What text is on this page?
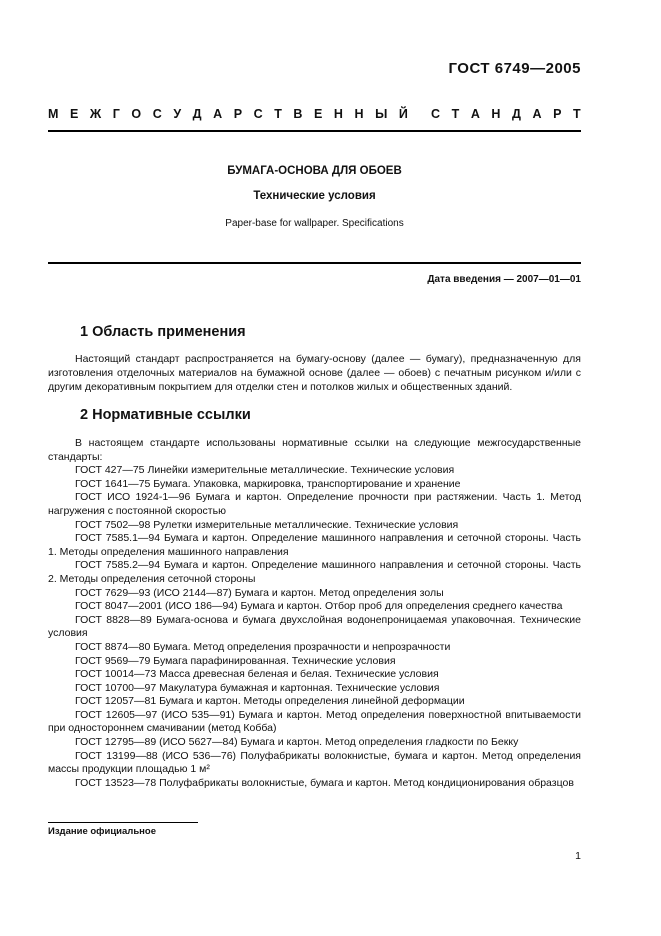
ГОСТ 6749—2005
М Е Ж Г О С У Д А Р С Т В Е Н Н Ы Й С Т А Н Д А Р Т
БУМАГА-ОСНОВА ДЛЯ ОБОЕВ
Технические условия
Paper-base for wallpaper. Specifications
Дата введения — 2007—01—01
1 Область применения

Настоящий стандарт распространяется на бумагу-основу (далее — бумагу), предназначенную для изготовления отделочных материалов на бумажной основе (далее — обоев) с печатным рисунком и/или с другим декоративным покрытием для отделки стен и потолков жилых и общественных зданий.

2 Нормативные ссылки

В настоящем стандарте использованы нормативные ссылки на следующие межгосударственные стандарты:

ГОСТ 427—75 Линейки измерительные металлические. Технические условия

ГОСТ 1641—75 Бумага. Упаковка, маркировка, транспортирование и хранение

ГОСТ ИСО 1924-1—96 Бумага и картон. Определение прочности при растяжении. Часть 1. Метод нагружения с постоянной скоростью

ГОСТ 7502—98 Рулетки измерительные металлические. Технические условия

ГОСТ 7585.1—94 Бумага и картон. Определение машинного направления и сеточной стороны. Часть 1. Методы определения машинного направления

ГОСТ 7585.2—94 Бумага и картон. Определение машинного направления и сеточной стороны. Часть 2. Методы определения сеточной стороны

ГОСТ 7629—93 (ИСО 2144—87) Бумага и картон. Метод определения золы

ГОСТ 8047—2001 (ИСО 186—94) Бумага и картон. Отбор проб для определения среднего качества

ГОСТ 8828—89 Бумага-основа и бумага двухслойная водонепроницаемая упаковочная. Технические условия

ГОСТ 8874—80 Бумага. Метод определения прозрачности и непрозрачности

ГОСТ 9569—79 Бумага парафинированная. Технические условия

ГОСТ 10014—73 Масса древесная беленая и белая. Технические условия

ГОСТ 10700—97 Макулатура бумажная и картонная. Технические условия

ГОСТ 12057—81 Бумага и картон. Методы определения линейной деформации

ГОСТ 12605—97 (ИСО 535—91) Бумага и картон. Метод определения поверхностной впитываемости при одностороннем смачивании (метод Кобба)

ГОСТ 12795—89 (ИСО 5627—84) Бумага и картон. Метод определения гладкости по Бекку

ГОСТ 13199—88 (ИСО 536—76) Полуфабрикаты волокнистые, бумага и картон. Метод определения массы продукции площадью 1 м²

ГОСТ 13523—78 Полуфабрикаты волокнистые, бумага и картон. Метод кондиционирования образцов

Издание официальное
1
